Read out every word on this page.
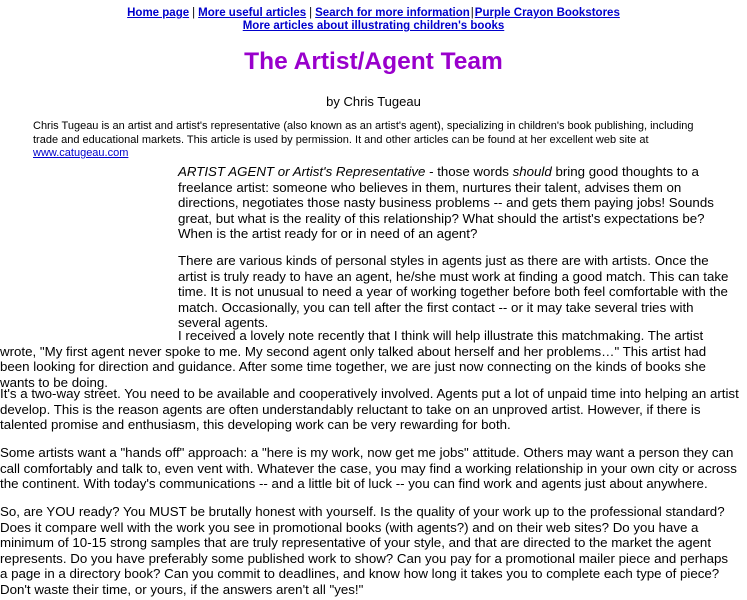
Home page | More useful articles | Search for more information|Purple Crayon Bookstores
More articles about illustrating children's books
The Artist/Agent Team
by Chris Tugeau
Chris Tugeau is an artist and artist's representative (also known as an artist's agent), specializing in children's book publishing, including trade and educational markets. This article is used by permission. It and other articles can be found at her excellent web site at www.catugeau.com

ARTIST AGENT or Artist's Representative - those words should bring good thoughts to a freelance artist: someone who believes in them, nurtures their talent, advises them on directions, negotiates those nasty business problems -- and gets them paying jobs! Sounds great, but what is the reality of this relationship? What should the artist's expectations be? When is the artist ready for or in need of an agent?

There are various kinds of personal styles in agents just as there are with artists. Once the artist is truly ready to have an agent, he/she must work at finding a good match. This can take time. It is not unusual to need a year of working together before both feel comfortable with the match. Occasionally, you can tell after the first contact -- or it may take several tries with several agents.

I received a lovely note recently that I think will help illustrate this matchmaking. The artist wrote, "My first agent never spoke to me. My second agent only talked about herself and her problems…" This artist had been looking for direction and guidance. After some time together, we are just now connecting on the kinds of books she wants to be doing.

It's a two-way street. You need to be available and cooperatively involved. Agents put a lot of unpaid time into helping an artist develop. This is the reason agents are often understandably reluctant to take on an unproved artist. However, if there is talented promise and enthusiasm, this developing work can be very rewarding for both.

Some artists want a "hands off" approach: a "here is my work, now get me jobs" attitude. Others may want a person they can call comfortably and talk to, even vent with. Whatever the case, you may find a working relationship in your own city or across the continent. With today's communications -- and a little bit of luck -- you can find work and agents just about anywhere.

So, are YOU ready? You MUST be brutally honest with yourself. Is the quality of your work up to the professional standard? Does it compare well with the work you see in promotional books (with agents?) and on their web sites? Do you have a minimum of 10-15 strong samples that are truly representative of your style, and that are directed to the market the agent represents. Do you have preferably some published work to show? Can you pay for a promotional mailer piece and perhaps a page in a directory book? Can you commit to deadlines, and know how long it takes you to complete each type of piece? Don't waste their time, or yours, if the answers aren't all "yes!"
